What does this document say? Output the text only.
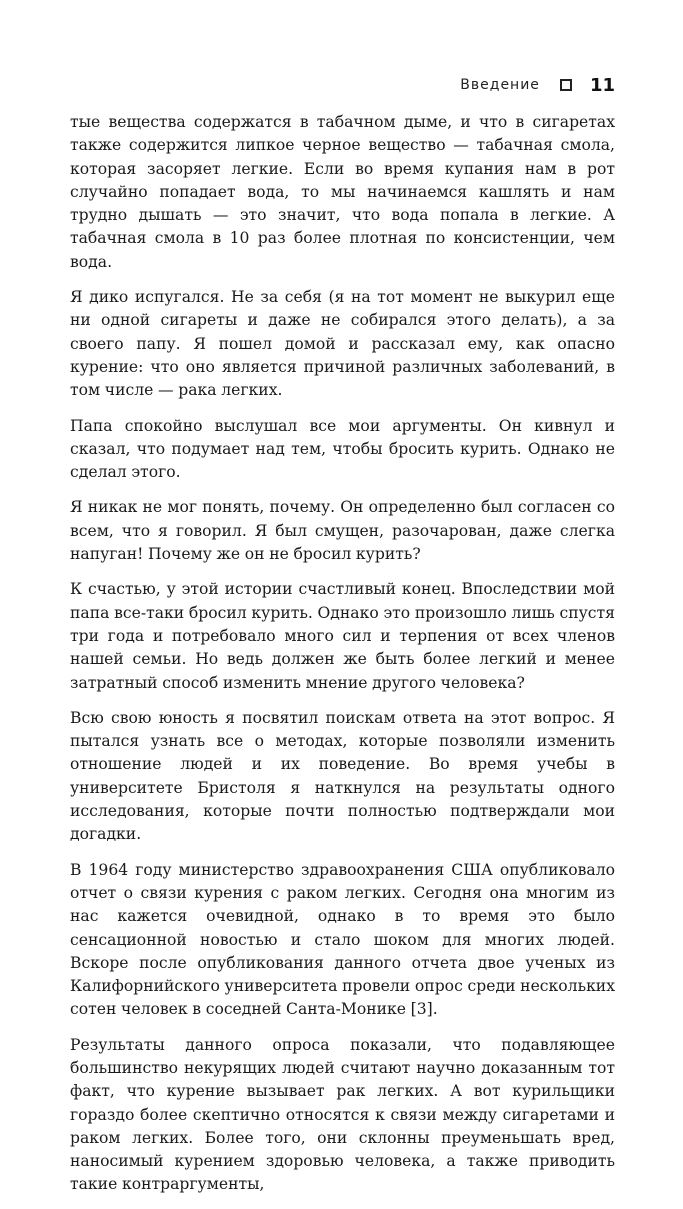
Введение	11

тые вещества содержатся в табачном дыме, и что в сигаретах также содержится липкое черное вещество — табачная смола, которая засоряет легкие. Если во время купания нам в рот случайно попадает вода, то мы начинаемся кашлять и нам трудно дышать — это значит, что вода попала в легкие. А табачная смола в 10 раз более плотная по консистенции, чем вода.

Я дико испугался. Не за себя (я на тот момент не выкурил еще ни одной сигареты и даже не собирался этого делать), а за своего папу. Я пошел домой и рассказал ему, как опасно курение: что оно является причиной различных заболеваний, в том числе — рака легких.

Папа спокойно выслушал все мои аргументы. Он кивнул и сказал, что подумает над тем, чтобы бросить курить. Однако не сделал этого.

Я никак не мог понять, почему. Он определенно был согласен со всем, что я говорил. Я был смущен, разочарован, даже слегка напуган! Почему же он не бросил курить?

К счастью, у этой истории счастливый конец. Впоследствии мой папа все-таки бросил курить. Однако это произошло лишь спустя три года и потребовало много сил и терпения от всех членов нашей семьи. Но ведь должен же быть более легкий и менее затратный способ изменить мнение другого человека?

Всю свою юность я посвятил поискам ответа на этот вопрос. Я пытался узнать все о методах, которые позволяли изменить отношение людей и их поведение. Во время учебы в университете Бристоля я наткнулся на результаты одного исследования, которые почти полностью подтверждали мои догадки.

В 1964 году министерство здравоохранения США опубликовало отчет о связи курения с раком легких. Сегодня она многим из нас кажется очевидной, однако в то время это было сенсационной новостью и стало шоком для многих людей. Вскоре после опубликования данного отчета двое ученых из Калифорнийского университета провели опрос среди нескольких сотен человек в соседней Санта-Монике [3].

Результаты данного опроса показали, что подавляющее большинство некурящих людей считают научно доказанным тот факт, что курение вызывает рак легких. А вот курильщики гораздо более скептично относятся к связи между сигаретами и раком легких. Более того, они склонны преуменьшать вред, наносимый курением здоровью человека, а также приводить такие контраргументы,
